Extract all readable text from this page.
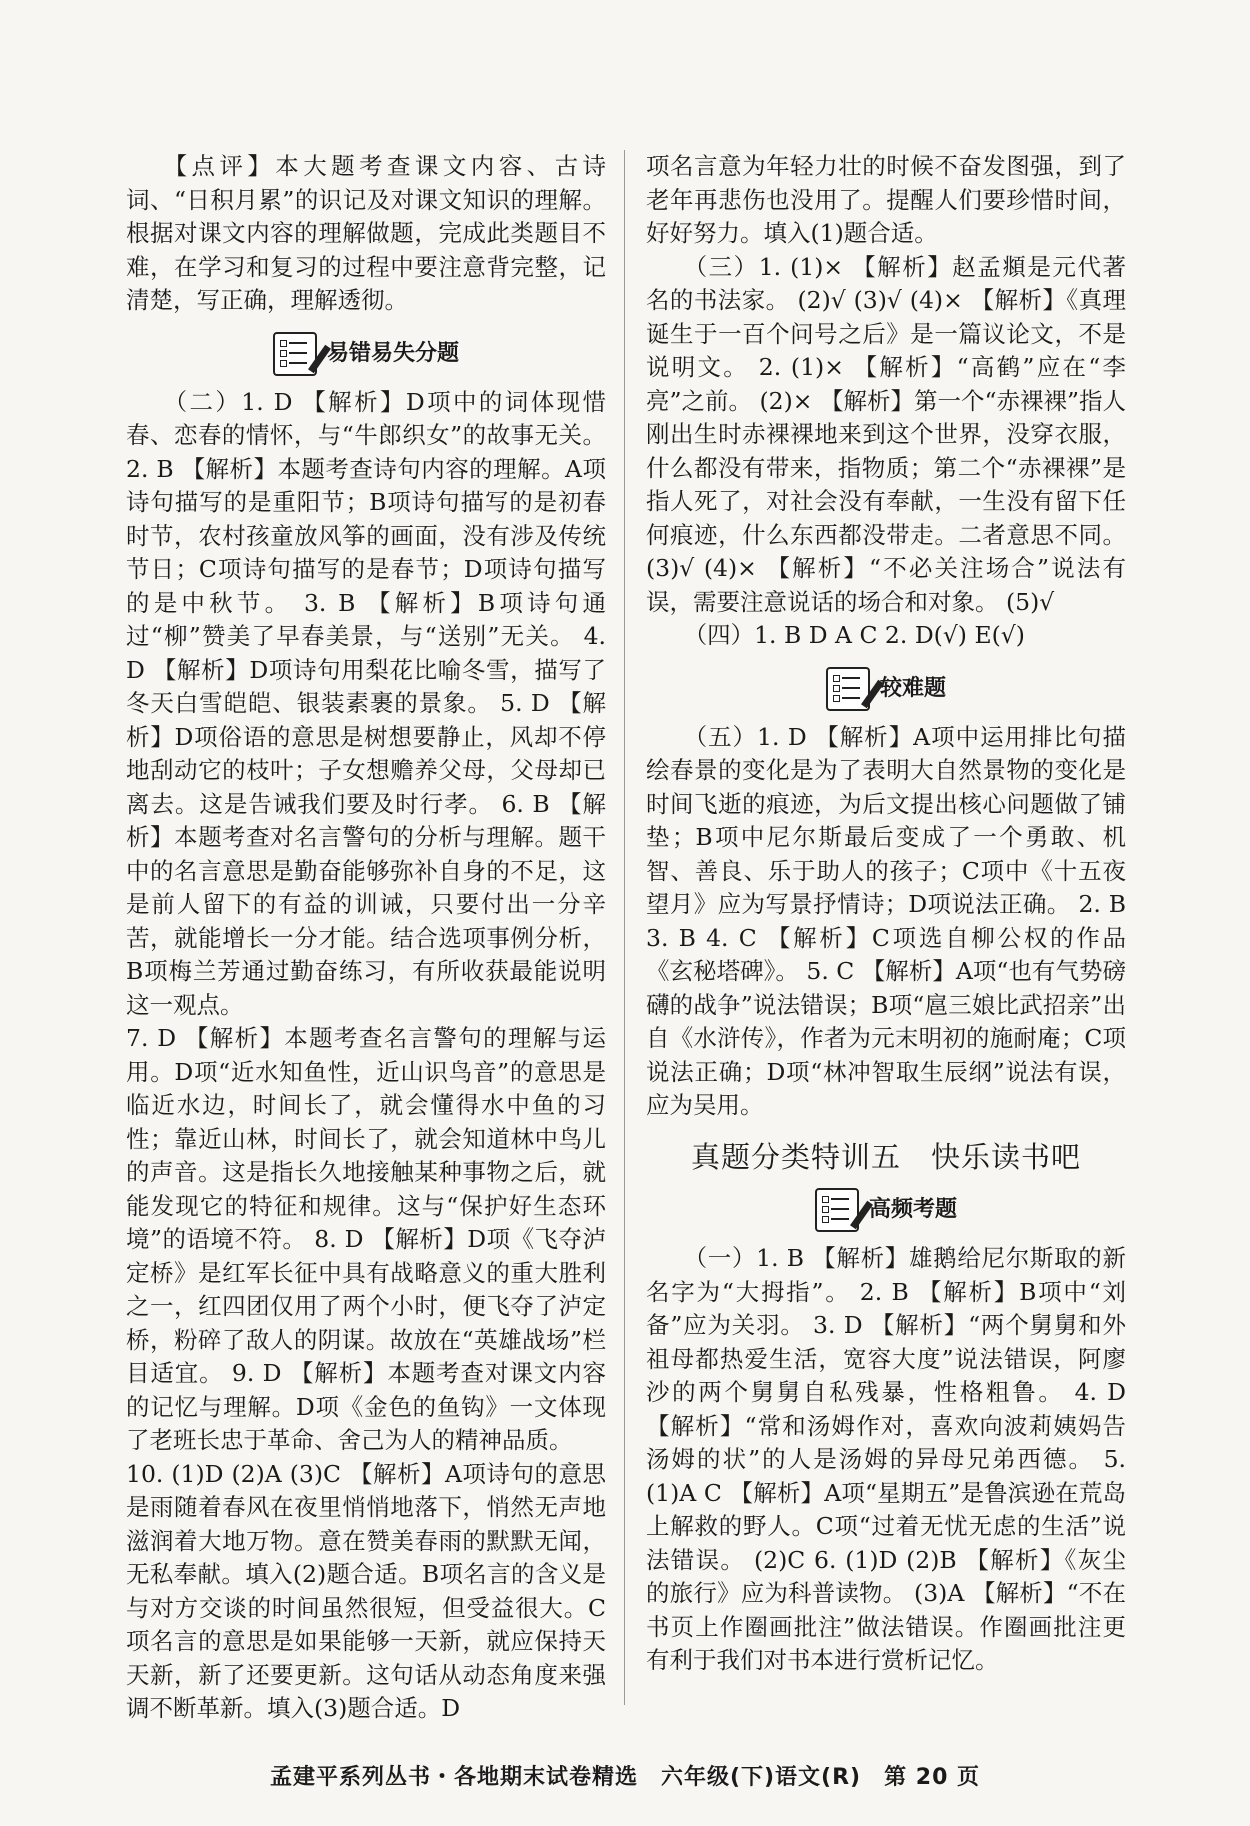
【点评】本大题考查课文内容、古诗词、“日积月累”的识记及对课文知识的理解。根据对课文内容的理解做题，完成此类题目不难，在学习和复习的过程中要注意背完整，记清楚，写正确，理解透彻。

易错易失分题

（二）1. D 【解析】D项中的词体现惜春、恋春的情怀，与“牛郎织女”的故事无关。 2. B 【解析】本题考查诗句内容的理解。A项诗句描写的是重阳节；B项诗句描写的是初春时节，农村孩童放风筝的画面，没有涉及传统节日；C项诗句描写的是春节；D项诗句描写的是中秋节。 3. B 【解析】B项诗句通过“柳”赞美了早春美景，与“送别”无关。 4. D 【解析】D项诗句用梨花比喻冬雪，描写了冬天白雪皑皑、银装素裹的景象。 5. D 【解析】D项俗语的意思是树想要静止，风却不停地刮动它的枝叶；子女想赡养父母，父母却已离去。这是告诫我们要及时行孝。 6. B 【解析】本题考查对名言警句的分析与理解。题干中的名言意思是勤奋能够弥补自身的不足，这是前人留下的有益的训诫，只要付出一分辛苦，就能增长一分才能。结合选项事例分析，B项梅兰芳通过勤奋练习，有所收获最能说明这一观点。

7. D 【解析】本题考查名言警句的理解与运用。D项“近水知鱼性，近山识鸟音”的意思是临近水边，时间长了，就会懂得水中鱼的习性；靠近山林，时间长了，就会知道林中鸟儿的声音。这是指长久地接触某种事物之后，就能发现它的特征和规律。这与“保护好生态环境”的语境不符。 8. D 【解析】D项《飞夺泸定桥》是红军长征中具有战略意义的重大胜利之一，红四团仅用了两个小时，便飞夺了泸定桥，粉碎了敌人的阴谋。故放在“英雄战场”栏目适宜。 9. D 【解析】本题考查对课文内容的记忆与理解。D项《金色的鱼钩》一文体现了老班长忠于革命、舍己为人的精神品质。

10. (1)D (2)A (3)C 【解析】A项诗句的意思是雨随着春风在夜里悄悄地落下，悄然无声地滋润着大地万物。意在赞美春雨的默默无闻，无私奉献。填入(2)题合适。B项名言的含义是与对方交谈的时间虽然很短，但受益很大。C项名言的意思是如果能够一天新，就应保持天天新，新了还要更新。这句话从动态角度来强调不断革新。填入(3)题合适。D

项名言意为年轻力壮的时候不奋发图强，到了老年再悲伤也没用了。提醒人们要珍惜时间，好好努力。填入(1)题合适。

（三）1. (1)× 【解析】赵孟頫是元代著名的书法家。 (2)√ (3)√ (4)× 【解析】《真理诞生于一百个问号之后》是一篇议论文，不是说明文。 2. (1)× 【解析】“高鹤”应在“李亮”之前。 (2)× 【解析】第一个“赤裸裸”指人刚出生时赤裸裸地来到这个世界，没穿衣服，什么都没有带来，指物质；第二个“赤裸裸”是指人死了，对社会没有奉献，一生没有留下任何痕迹，什么东西都没带走。二者意思不同。 (3)√ (4)× 【解析】“不必关注场合”说法有误，需要注意说话的场合和对象。 (5)√

（四）1. B D A C 2. D(√) E(√)

较难题

（五）1. D 【解析】A项中运用排比句描绘春景的变化是为了表明大自然景物的变化是时间飞逝的痕迹，为后文提出核心问题做了铺垫；B项中尼尔斯最后变成了一个勇敢、机智、善良、乐于助人的孩子；C项中《十五夜望月》应为写景抒情诗；D项说法正确。 2. B 3. B 4. C 【解析】C项选自柳公权的作品《玄秘塔碑》。 5. C 【解析】A项“也有气势磅礴的战争”说法错误；B项“扈三娘比武招亲”出自《水浒传》，作者为元末明初的施耐庵；C项说法正确；D项“林冲智取生辰纲”说法有误，应为吴用。

真题分类特训五　快乐读书吧
高频考题

（一）1. B 【解析】雄鹅给尼尔斯取的新名字为“大拇指”。 2. B 【解析】B项中“刘备”应为关羽。 3. D 【解析】“两个舅舅和外祖母都热爱生活，宽容大度”说法错误，阿廖沙的两个舅舅自私残暴，性格粗鲁。 4. D 【解析】“常和汤姆作对，喜欢向波莉姨妈告汤姆的状”的人是汤姆的异母兄弟西德。 5. (1)A C 【解析】A项“星期五”是鲁滨逊在荒岛上解救的野人。C项“过着无忧无虑的生活”说法错误。 (2)C 6. (1)D (2)B 【解析】《灰尘的旅行》应为科普读物。 (3)A 【解析】“不在书页上作圈画批注”做法错误。作圈画批注更有利于我们对书本进行赏析记忆。

孟建平系列丛书・各地期末试卷精选　六年级(下)语文(R)　第 20 页
